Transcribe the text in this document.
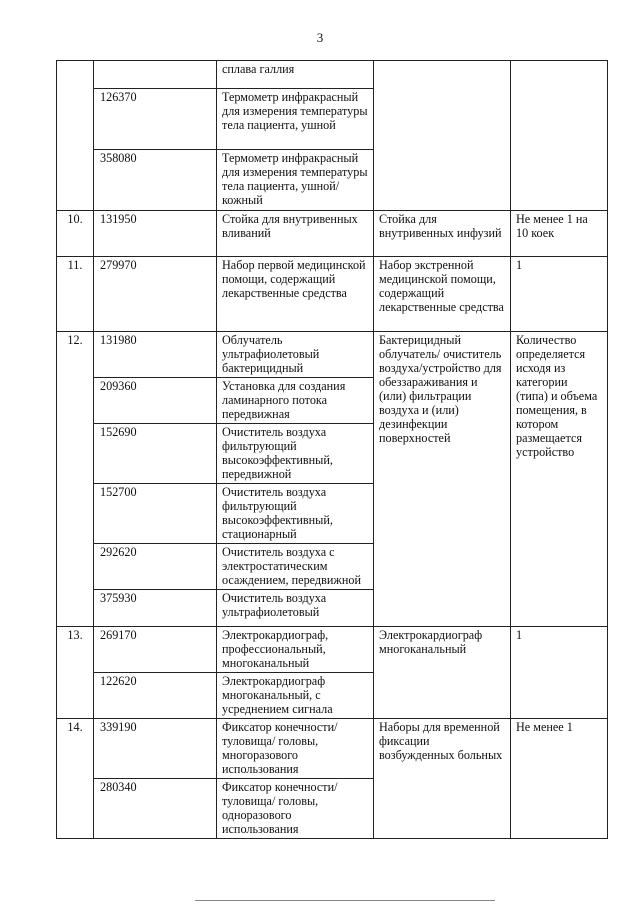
3
		сплава галлия		
	126370	Термометр инфракрасный для измерения температуры тела пациента, ушной		
	358080	Термометр инфракрасный для измерения температуры тела пациента, ушной/кожный		
10.	131950	Стойка для внутривенных вливаний	Стойка для внутривенных инфузий	Не менее 1 на 10 коек
11.	279970	Набор первой медицинской помощи, содержащий лекарственные средства	Набор экстренной медицинской помощи, содержащий лекарственные средства	1
12.	131980	Облучатель ультрафиолетовый бактерицидный	Бактерицидный облучатель/ очиститель воздуха/устройство для обеззараживания и (или) фильтрации воздуха и (или) дезинфекции поверхностей	Количество определяется исходя из категории (типа) и объема помещения, в котором размещается устройство
	209360	Установка для создания ламинарного потока передвижная		
	152690	Очиститель воздуха фильтрующий высокоэффективный, передвижной		
	152700	Очиститель воздуха фильтрующий высокоэффективный, стационарный		
	292620	Очиститель воздуха с электростатическим осаждением, передвижной		
	375930	Очиститель воздуха ультрафиолетовый		
13.	269170	Электрокардиограф, профессиональный, многоканальный	Электрокардиограф многоканальный	1
	122620	Электрокардиограф многоканальный, с усреднением сигнала		
14.	339190	Фиксатор конечности/туловища/ головы, многоразового использования	Наборы для временной фиксации возбужденных больных	Не менее 1
	280340	Фиксатор конечности/туловища/ головы, одноразового использования		
